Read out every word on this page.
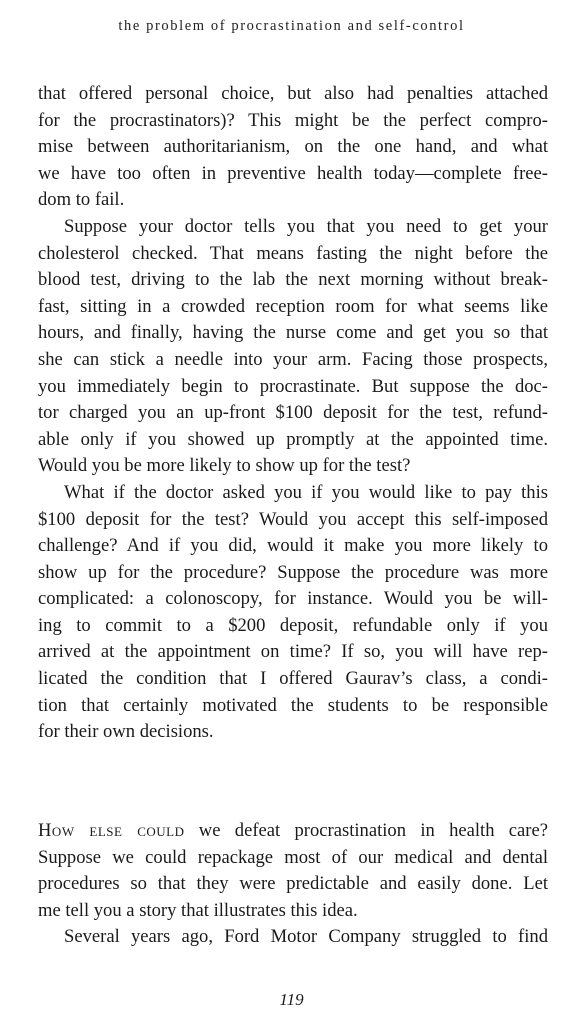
the problem of procrastination and self-control
that offered personal choice, but also had penalties attached
for the procrastinators)? This might be the perfect compro-
mise between authoritarianism, on the one hand, and what
we have too often in preventive health today—complete free-
dom to fail.
Suppose your doctor tells you that you need to get your
cholesterol checked. That means fasting the night before the
blood test, driving to the lab the next morning without break-
fast, sitting in a crowded reception room for what seems like
hours, and finally, having the nurse come and get you so that
she can stick a needle into your arm. Facing those prospects,
you immediately begin to procrastinate. But suppose the doc-
tor charged you an up-front $100 deposit for the test, refund-
able only if you showed up promptly at the appointed time.
Would you be more likely to show up for the test?
What if the doctor asked you if you would like to pay this
$100 deposit for the test? Would you accept this self-imposed
challenge? And if you did, would it make you more likely to
show up for the procedure? Suppose the procedure was more
complicated: a colonoscopy, for instance. Would you be will-
ing to commit to a $200 deposit, refundable only if you
arrived at the appointment on time? If so, you will have rep-
licated the condition that I offered Gaurav’s class, a condi-
tion that certainly motivated the students to be responsible
for their own decisions.
How else could we defeat procrastination in health care?
Suppose we could repackage most of our medical and dental
procedures so that they were predictable and easily done. Let
me tell you a story that illustrates this idea.
Several years ago, Ford Motor Company struggled to find
119
